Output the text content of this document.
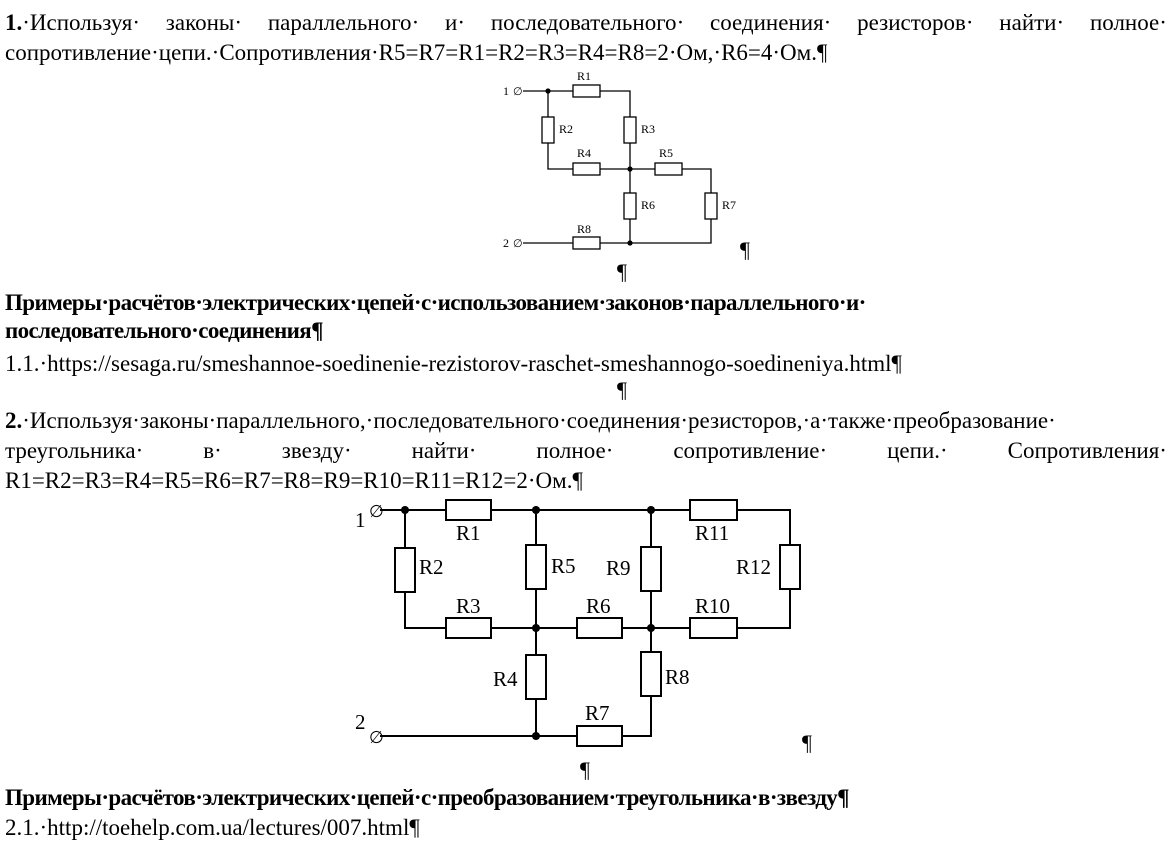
1.·Используя· законы· параллельного· и· последовательного· соединения· резисторов· найти· полное·
сопротивление·цепи.·Сопротивления·R5=R7=R1=R2=R3=R4=R8=2·Ом,·R6=4·Ом.¶
1 ∅
2 ∅
R1
R2	R3
R4	R5
R6	R7
R8
¶
¶
Примеры·расчётов·электрических·цепей·с·использованием·законов·параллельного·и·
последовательного·соединения¶
1.1.·https://sesaga.ru/smeshannoe-soedinenie-rezistorov-raschet-smeshannogo-soedineniya.html¶
¶
2.·Используя·законы·параллельного,·последовательного·соединения·резисторов,·а·также·преобразование·
треугольника·	в·	звезду·	найти·	полное·	сопротивление·	цепи.·	Сопротивления·
R1=R2=R3=R4=R5=R6=R7=R8=R9=R10=R11=R12=2·Ом.¶
1 ∅
2
∅
R1
R2
R3
R4
R5
R6
R7
R8
R9
R10
R11
R12
¶
¶
Примеры·расчётов·электрических·цепей·с·преобразованием·треугольника·в·звезду¶
2.1.·http://toehelp.com.ua/lectures/007.html¶
